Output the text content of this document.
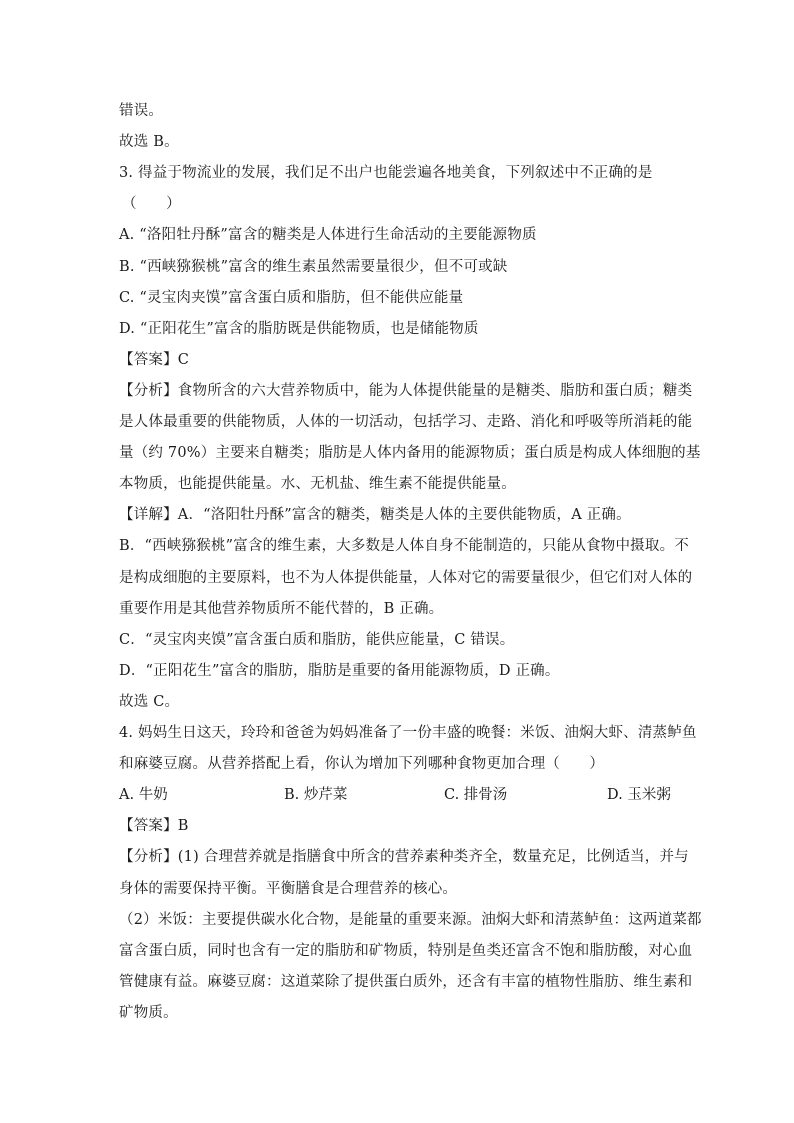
错误。
故选 B。
3. 得益于物流业的发展，我们足不出户也能尝遍各地美食，下列叙述中不正确的是
（　　）
A. “洛阳牡丹酥”富含的糖类是人体进行生命活动的主要能源物质
B. “西峡猕猴桃”富含的维生素虽然需要量很少，但不可或缺
C. “灵宝肉夹馍”富含蛋白质和脂肪，但不能供应能量
D. “正阳花生”富含的脂肪既是供能物质，也是储能物质
【答案】C
【分析】食物所含的六大营养物质中，能为人体提供能量的是糖类、脂肪和蛋白质；糖类
是人体最重要的供能物质，人体的一切活动，包括学习、走路、消化和呼吸等所消耗的能
量（约 70%）主要来自糖类；脂肪是人体内备用的能源物质；蛋白质是构成人体细胞的基
本物质，也能提供能量。水、无机盐、维生素不能提供能量。
【详解】A．“洛阳牡丹酥”富含的糖类，糖类是人体的主要供能物质，A 正确。
B．“西峡猕猴桃”富含的维生素，大多数是人体自身不能制造的，只能从食物中摄取。不
是构成细胞的主要原料，也不为人体提供能量，人体对它的需要量很少，但它们对人体的
重要作用是其他营养物质所不能代替的，B 正确。
C．“灵宝肉夹馍”富含蛋白质和脂肪，能供应能量，C 错误。
D．“正阳花生”富含的脂肪，脂肪是重要的备用能源物质，D 正确。
故选 C。
4. 妈妈生日这天，玲玲和爸爸为妈妈准备了一份丰盛的晚餐：米饭、油焖大虾、清蒸鲈鱼
和麻婆豆腐。从营养搭配上看，你认为增加下列哪种食物更加合理（　　）
A. 牛奶	B. 炒芹菜	C. 排骨汤	D. 玉米粥
【答案】B
【分析】(1) 合理营养就是指膳食中所含的营养素种类齐全，数量充足，比例适当，并与
身体的需要保持平衡。平衡膳食是合理营养的核心。
（2）米饭：主要提供碳水化合物，是能量的重要来源。油焖大虾和清蒸鲈鱼：这两道菜都
富含蛋白质，同时也含有一定的脂肪和矿物质，特别是鱼类还富含不饱和脂肪酸，对心血
管健康有益。麻婆豆腐：这道菜除了提供蛋白质外，还含有丰富的植物性脂肪、维生素和
矿物质。
